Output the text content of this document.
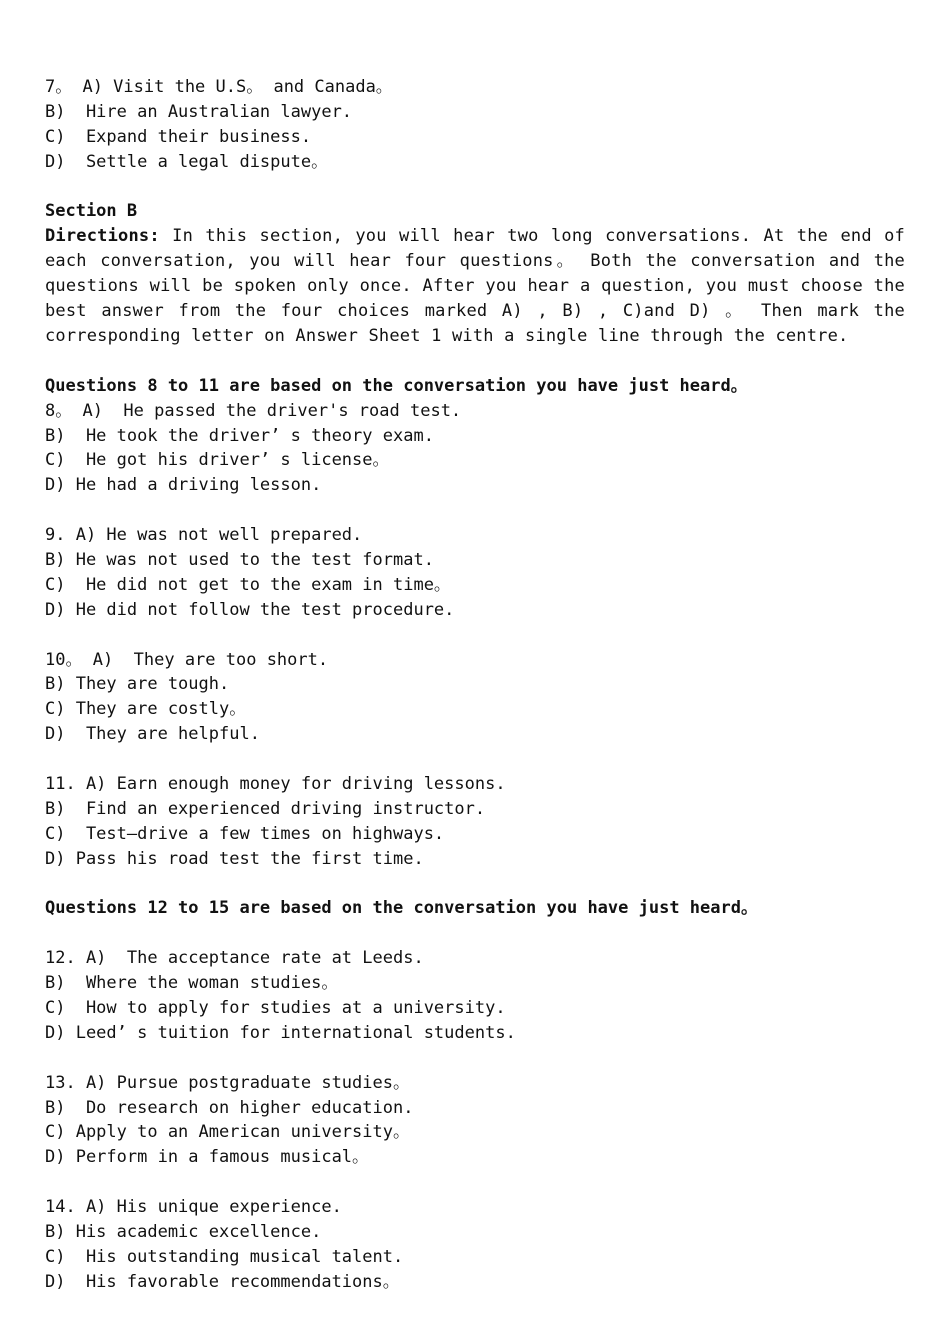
7。 A) Visit the U.S。 and Canada。
B)  Hire an Australian lawyer.
C)  Expand their business.
D)  Settle a legal dispute。
Section B
Directions: In this section, you will hear two long conversations. At the end of each conversation, you will hear four questions。 Both the conversation and the questions will be spoken only once. After you hear a question, you must choose the best answer from the four choices marked A) , B) , C)and D) 。 Then mark the corresponding letter on Answer Sheet 1 with a single line through the centre.
Questions 8 to 11 are based on the conversation you have just heard。
8。 A)  He passed the driver's road test.
B)  He took the driver’ s theory exam.
C)  He got his driver’ s license。
D) He had a driving lesson.
9. A) He was not well prepared.
B) He was not used to the test format.
C)  He did not get to the exam in time。
D) He did not follow the test procedure.
10。 A)  They are too short.
B) They are tough.
C) They are costly。
D)  They are helpful.
11. A) Earn enough money for driving lessons.
B)  Find an experienced driving instructor.
C)  Test—drive a few times on highways.
D) Pass his road test the first time.
Questions 12 to 15 are based on the conversation you have just heard。
12. A)  The acceptance rate at Leeds.
B)  Where the woman studies。
C)  How to apply for studies at a university.
D) Leed’ s tuition for international students.
13. A) Pursue postgraduate studies。
B)  Do research on higher education.
C) Apply to an American university。
D) Perform in a famous musical。
14. A) His unique experience.
B) His academic excellence.
C)  His outstanding musical talent.
D)  His favorable recommendations。
